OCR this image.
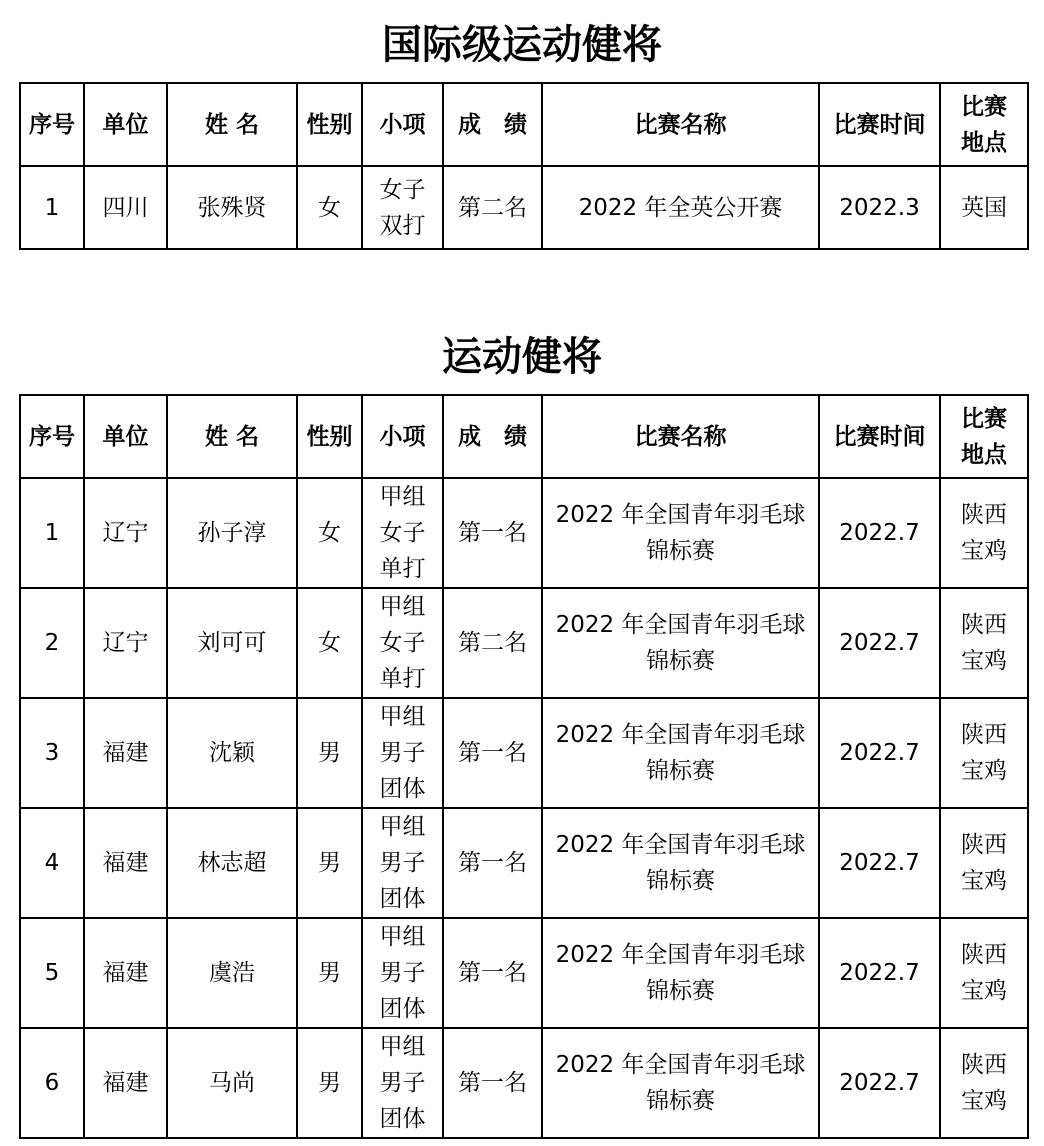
国际级运动健将
序号	单位	姓 名	性别	小项	成　绩	比赛名称	比赛时间	比赛地点

1	四川	张殊贤	女	女子双打	第二名	2022 年全英公开赛	2022.3	英国
运动健将
序号	单位	姓 名	性别	小项	成　绩	比赛名称	比赛时间	比赛地点

1	辽宁	孙子淳	女	甲组女子单打	第一名	2022 年全国青年羽毛球锦标赛	2022.7	陕西宝鸡

2	辽宁	刘可可	女	甲组女子单打	第二名	2022 年全国青年羽毛球锦标赛	2022.7	陕西宝鸡

3	福建	沈颖	男	甲组男子团体	第一名	2022 年全国青年羽毛球锦标赛	2022.7	陕西宝鸡

4	福建	林志超	男	甲组男子团体	第一名	2022 年全国青年羽毛球锦标赛	2022.7	陕西宝鸡

5	福建	虞浩	男	甲组男子团体	第一名	2022 年全国青年羽毛球锦标赛	2022.7	陕西宝鸡

6	福建	马尚	男	甲组男子团体	第一名	2022 年全国青年羽毛球锦标赛	2022.7	陕西宝鸡
